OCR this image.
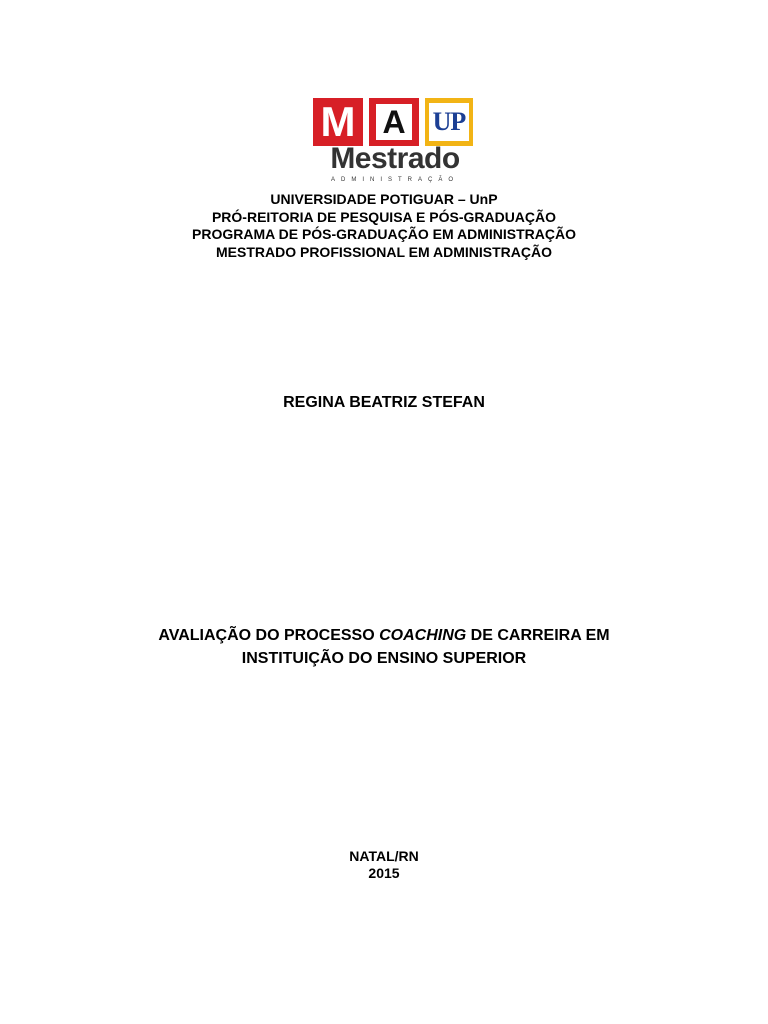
M A UP
Mestrado
ADMINISTRAÇÃO
UNIVERSIDADE POTIGUAR – UnP
PRÓ-REITORIA DE PESQUISA E PÓS-GRADUAÇÃO
PROGRAMA DE PÓS-GRADUAÇÃO EM ADMINISTRAÇÃO
MESTRADO PROFISSIONAL EM ADMINISTRAÇÃO
REGINA BEATRIZ STEFAN
AVALIAÇÃO DO PROCESSO COACHING DE CARREIRA EM
INSTITUIÇÃO DO ENSINO SUPERIOR
NATAL/RN
2015
